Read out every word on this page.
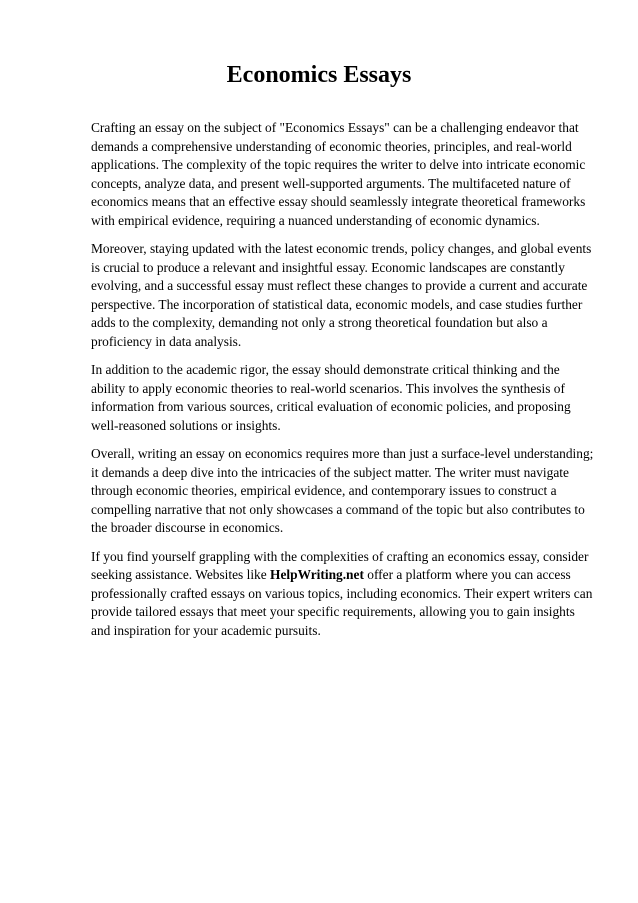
Economics Essays

Crafting an essay on the subject of "Economics Essays" can be a challenging endeavor that demands a comprehensive understanding of economic theories, principles, and real-world applications. The complexity of the topic requires the writer to delve into intricate economic concepts, analyze data, and present well-supported arguments. The multifaceted nature of economics means that an effective essay should seamlessly integrate theoretical frameworks with empirical evidence, requiring a nuanced understanding of economic dynamics.

Moreover, staying updated with the latest economic trends, policy changes, and global events is crucial to produce a relevant and insightful essay. Economic landscapes are constantly evolving, and a successful essay must reflect these changes to provide a current and accurate perspective. The incorporation of statistical data, economic models, and case studies further adds to the complexity, demanding not only a strong theoretical foundation but also a proficiency in data analysis.

In addition to the academic rigor, the essay should demonstrate critical thinking and the ability to apply economic theories to real-world scenarios. This involves the synthesis of information from various sources, critical evaluation of economic policies, and proposing well-reasoned solutions or insights.

Overall, writing an essay on economics requires more than just a surface-level understanding; it demands a deep dive into the intricacies of the subject matter. The writer must navigate through economic theories, empirical evidence, and contemporary issues to construct a compelling narrative that not only showcases a command of the topic but also contributes to the broader discourse in economics.

If you find yourself grappling with the complexities of crafting an economics essay, consider seeking assistance. Websites like HelpWriting.net offer a platform where you can access professionally crafted essays on various topics, including economics. Their expert writers can provide tailored essays that meet your specific requirements, allowing you to gain insights and inspiration for your academic pursuits.
